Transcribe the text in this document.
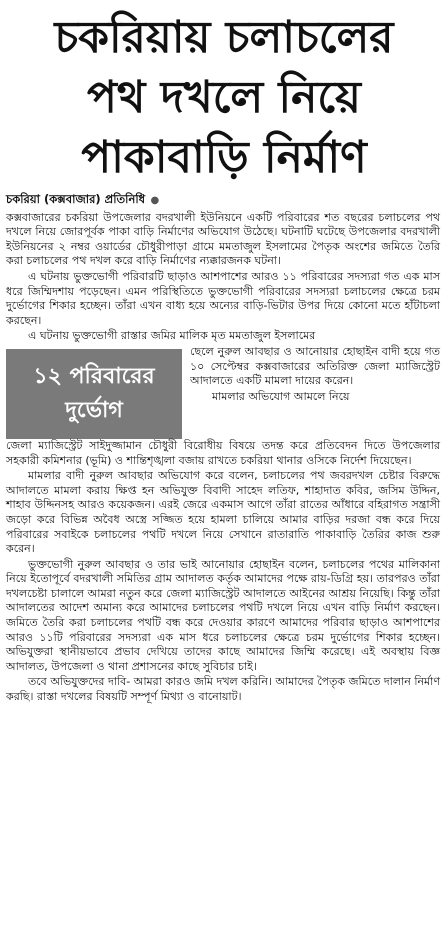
চকরিয়ায় চলাচলের
পথ দখলে নিয়ে
পাকাবাড়ি নির্মাণ
চকরিয়া (কক্সবাজার) প্রতিনিধি ●

কক্সবাজারের চকরিয়া উপজেলার বদরখালী ইউনিয়নে একটি পরিবারের শত বছরের চলাচলের পথ দখলে নিয়ে জোরপূর্বক পাকা বাড়ি নির্মাণের অভিযোগ উঠেছে। ঘটনাটি ঘটেছে উপজেলার বদরখালী ইউনিয়নের ২ নম্বর ওয়ার্ডের চৌধুরীপাড়া গ্রামে মমতাজুল ইসলামের পৈতৃক অংশের জমিতে তৈরি করা চলাচলের পথ দখল করে বাড়ি নির্মাণের ন্যক্কারজনক ঘটনা।

এ ঘটনায় ভুক্তভোগী পরিবারটি ছাড়াও আশপাশের আরও ১১ পরিবারের সদস্যরা গত এক মাস ধরে জিম্মিদশায় পড়েছেন। এমন পরিস্থিতিতে ভুক্তভোগী পরিবারের সদস্যরা চলাচলের ক্ষেত্রে চরম দুর্ভোগের শিকার হচ্ছেন। তাঁরা এখন বাধ্য হয়ে অন্যের বাড়ি-ভিটার উপর দিয়ে কোনো মতে হাঁটাচলা করছেন।

এ ঘটনায় ভুক্তভোগী রাস্তার জমির মালিক মৃত মমতাজুল ইসলামের

১২ পরিবারের
দুর্ভোগ

ছেলে নুরুল আবছার ও আনোয়ার হোছাইন বাদী হয়ে গত ১০ সেপ্টেম্বর কক্সবাজারের অতিরিক্ত জেলা ম্যাজিস্ট্রেট আদালতে একটি মামলা দায়ের করেন।

মামলার অভিযোগ আমলে নিয়ে

জেলা ম্যাজিস্ট্রেট সাইদুজ্জামান চৌধুরী বিরোধীয় বিষয়ে তদন্ত করে প্রতিবেদন দিতে উপজেলার সহকারী কমিশনার (ভূমি) ও শান্তিশৃঙ্খলা বজায় রাখতে চকরিয়া থানার ওসিকে নির্দেশ দিয়েছেন।

মামলার বাদী নুরুল আবছার অভিযোগ করে বলেন, চলাচলের পথ জবরদখল চেষ্টার বিরুদ্ধে আদালতে মামলা করায় ক্ষিপ্ত হন অভিযুক্ত বিবাদী সাহেদ লতিফ, শাহাদাত কবির, জসিম উদ্দিন, শাহাব উদ্দিনসহ আরও কয়েকজন। এরই জেরে একমাস আগে তাঁরা রাতের আঁধারে বহিরাগত সন্ত্রাসী জড়ো করে বিভিন্ন অবৈধ অস্ত্রে সজ্জিত হয়ে হামলা চালিয়ে আমার বাড়ির দরজা বন্ধ করে দিয়ে পরিবারের সবাইকে চলাচলের পথটি দখলে নিয়ে সেখানে রাতারাতি পাকাবাড়ি তৈরির কাজ শুরু করেন।

ভুক্তভোগী নুরুল আবছার ও তার ভাই আনোয়ার হোছাইন বলেন, চলাচলের পথের মালিকানা নিয়ে ইতোপূর্বে বদরখালী সমিতির গ্রাম আদালত কর্তৃক আমাদের পক্ষে রায়-ডিগ্রি হয়। তারপরও তাঁরা দখলচেষ্টা চালালে আমরা নতুন করে জেলা ম্যাজিস্ট্রেট আদালতে আইনের আশ্রয় নিয়েছি। কিন্তু তাঁরা আদালতের আদেশ অমান্য করে আমাদের চলাচলের পথটি দখলে নিয়ে এখন বাড়ি নির্মাণ করছেন। জমিতে তৈরি করা চলাচলের পথটি বন্ধ করে দেওয়ার কারণে আমাদের পরিবার ছাড়াও আশপাশের আরও ১১টি পরিবারের সদস্যরা এক মাস ধরে চলাচলের ক্ষেত্রে চরম দুর্ভোগের শিকার হচ্ছেন। অভিযুক্তরা স্থানীয়ভাবে প্রভাব দেখিয়ে তাদের কাছে আমাদের জিম্মি করেছে। এই অবস্থায় বিজ্ঞ আদালত, উপজেলা ও থানা প্রশাসনের কাছে সুবিচার চাই।

তবে অভিযুক্তদের দাবি- আমরা কারও জমি দখল করিনি। আমাদের পৈতৃক জমিতে দালান নির্মাণ করছি। রাস্তা দখলের বিষয়টি সম্পূর্ণ মিথ্যা ও বানোয়াট।
